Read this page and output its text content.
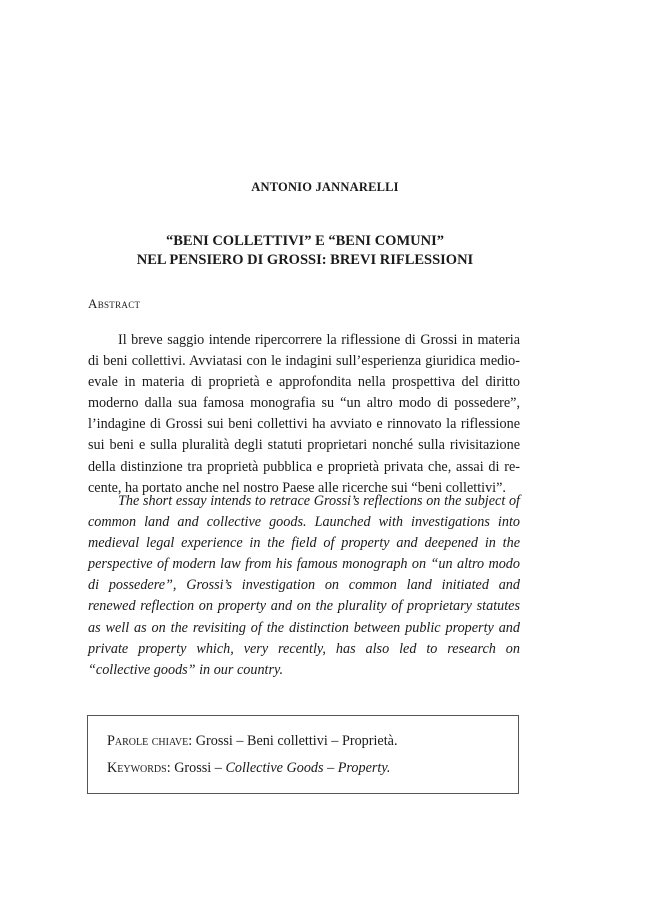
ANTONIO JANNARELLI
“BENI COLLETTIVI” E “BENI COMUNI”
NEL PENSIERO DI GROSSI: BREVI RIFLESSIONI
Abstract

Il breve saggio intende ripercorrere la riflessione di Grossi in materia di beni collettivi. Avviatasi con le indagini sull’esperienza giuridica medioevale in materia di proprietà e approfondita nella prospettiva del diritto moderno dalla sua famosa monografia su “un altro modo di possedere”, l’indagine di Grossi sui beni collettivi ha avviato e rinnovato la riflessione sui beni e sulla pluralità degli statuti proprietari nonché sulla rivisitazione della distinzione tra proprietà pubblica e proprietà privata che, assai di recente, ha portato anche nel nostro Paese alle ricerche sui “beni collettivi”.

The short essay intends to retrace Grossi’s reflections on the subject of common land and collective goods. Launched with investigations into medieval legal experience in the field of property and deepened in the perspective of modern law from his famous monograph on “un altro modo di possedere”, Grossi’s investigation on common land initiated and renewed reflection on property and on the plurality of proprietary statutes as well as on the revisiting of the distinction between public property and private property which, very recently, has also led to research on “collective goods” in our country.

Parole chiave: Grossi – Beni collettivi – Proprietà.
Keywords: Grossi – Collective Goods – Property.
